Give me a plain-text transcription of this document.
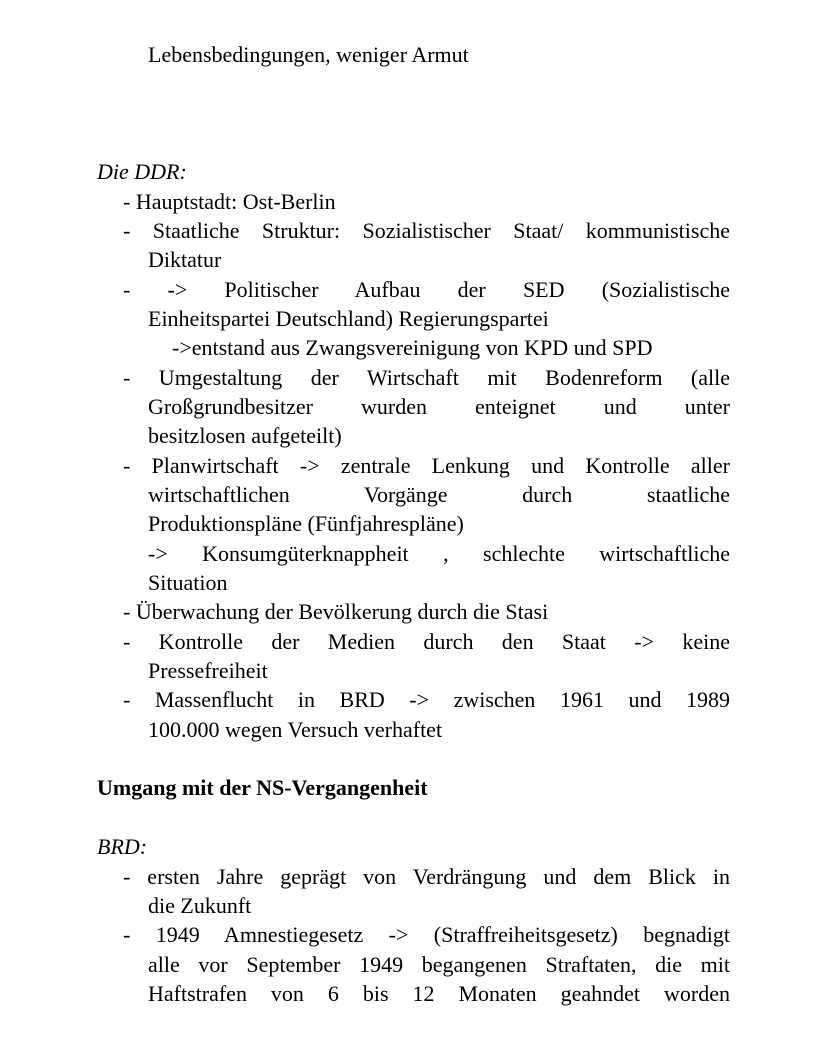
Lebensbedingungen, weniger Armut
Die DDR:
- Hauptstadt: Ost-Berlin
- Staatliche Struktur: Sozialistischer Staat/ kommunistische
Diktatur
- -> Politischer Aufbau der SED (Sozialistische
Einheitspartei Deutschland) Regierungspartei
->entstand aus Zwangsvereinigung von KPD und SPD
- Umgestaltung der Wirtschaft mit Bodenreform (alle
Großgrundbesitzer wurden enteignet und unter
besitzlosen aufgeteilt)
- Planwirtschaft -> zentrale Lenkung und Kontrolle aller
wirtschaftlichen Vorgänge durch staatliche
Produktionspläne (Fünfjahrespläne)
-> Konsumgüterknappheit , schlechte wirtschaftliche
Situation
- Überwachung der Bevölkerung durch die Stasi
- Kontrolle der Medien durch den Staat -> keine
Pressefreiheit
- Massenflucht in BRD -> zwischen 1961 und 1989
100.000 wegen Versuch verhaftet
Umgang mit der NS-Vergangenheit
BRD:
- ersten Jahre geprägt von Verdrängung und dem Blick in
die Zukunft
- 1949 Amnestiegesetz -> (Straffreiheitsgesetz) begnadigt
alle vor September 1949 begangenen Straftaten, die mit
Haftstrafen von 6 bis 12 Monaten geahndet worden
